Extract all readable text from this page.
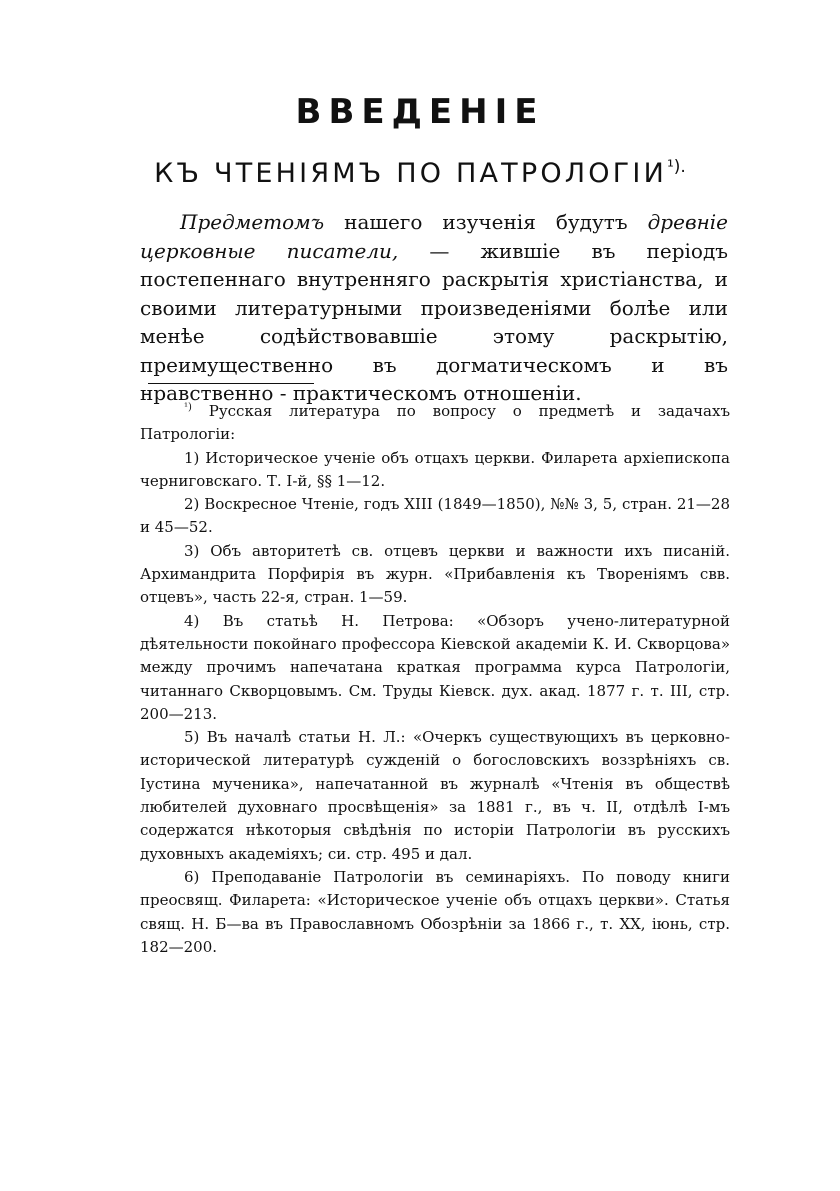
ВВЕДЕНІЕ
КЪ ЧТЕНІЯМЪ ПО $ПАТРОЛОГІИ^{^1).}$

Предметомъ нашего изученія будутъ древніе церковные писатели, — жившіе въ періодъ постепеннаго внутренняго раскрытія христіанства, и своими литературными произведеніями болѣе или менѣе содѣйствовавшіе этому раскрытію, преимущественно въ догматическомъ и въ нравственно - практическомъ отношеніи.

$^{^1)}$ Русская литература по вопросу о предметѣ и задачахъ Патрологіи:

1) Историческое ученіе объ отцахъ церкви. Филарета архіепископа черниговскаго. Т. І-й, §§ 1—12.

2) Воскресное Чтеніе, годъ XIII (1849—1850), №№ 3, 5, стран. 21—28 и 45—52.

3) Объ авторитетѣ св. отцевъ церкви и важности ихъ писаній. Архимандрита Порфирія въ журн. «Прибавленія къ Твореніямъ свв. отцевъ», часть 22-я, стран. 1—59.

4) Въ статьѣ Н. Петрова: «Обзоръ учено-литературной дѣятельности покойнаго профессора Кіевской академіи К. И. Скворцова» между прочимъ напечатана краткая программа курса Патрологіи, читаннаго Скворцовымъ. См. Труды Кіевск. дух. акад. 1877 г. т. III, стр. 200—213.

5) Въ началѣ статьи Н. Л.: «Очеркъ существующихъ въ церковно-исторической литературѣ сужденій о богословскихъ воззрѣніяхъ св. Іустина мученика», напечатанной въ журналѣ «Чтенія въ обществѣ любителей духовнаго просвѣщенія» за 1881 г., въ ч. II, отдѣлѣ І-мъ содержатся нѣкоторыя свѣдѣнія по исторіи Патрологіи въ русскихъ духовныхъ академіяхъ; си. стр. 495 и дал.

6) Преподаваніе Патрологіи въ семинаріяхъ. По поводу книги преосвящ. Филарета: «Историческое ученіе объ отцахъ церкви». Статья свящ. Н. Б—ва въ Православномъ Обозрѣніи за 1866 г., т. XX, іюнь, стр. 182—200.
